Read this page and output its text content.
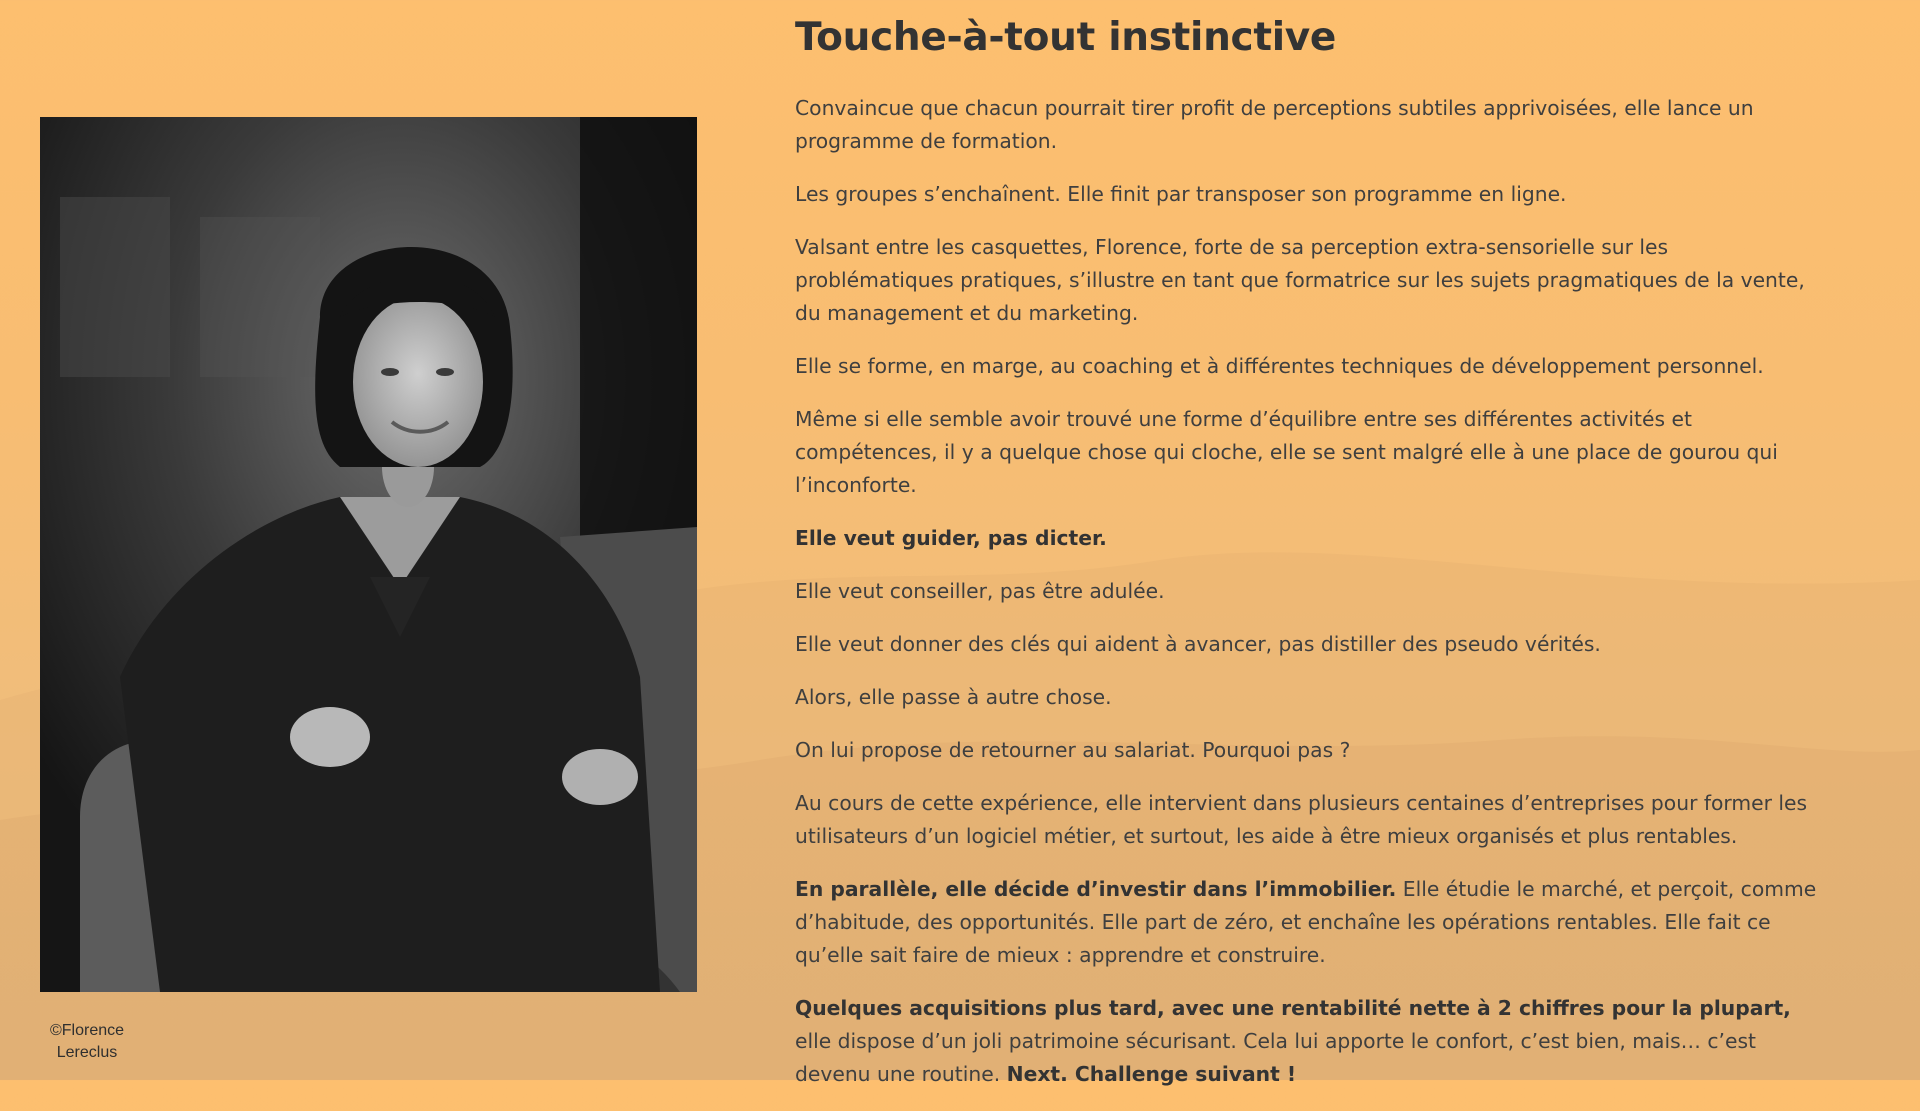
©Florence
Lereclus
Touche-à-tout instinctive

Convaincue que chacun pourrait tirer profit de perceptions subtiles apprivoisées, elle lance un programme de formation.

Les groupes s’enchaînent. Elle finit par transposer son programme en ligne.

Valsant entre les casquettes, Florence, forte de sa perception extra-sensorielle sur les problématiques pratiques, s’illustre en tant que formatrice sur les sujets pragmatiques de la vente, du management et du marketing.

Elle se forme, en marge, au coaching et à différentes techniques de développement personnel.

Même si elle semble avoir trouvé une forme d’équilibre entre ses différentes activités et compétences, il y a quelque chose qui cloche, elle se sent malgré elle à une place de gourou qui l’inconforte.

Elle veut guider, pas dicter.

Elle veut conseiller, pas être adulée.

Elle veut donner des clés qui aident à avancer, pas distiller des pseudo vérités.

Alors, elle passe à autre chose.

On lui propose de retourner au salariat. Pourquoi pas ?

Au cours de cette expérience, elle intervient dans plusieurs centaines d’entreprises pour former les utilisateurs d’un logiciel métier, et surtout, les aide à être mieux organisés et plus rentables.

En parallèle, elle décide d’investir dans l’immobilier. Elle étudie le marché, et perçoit, comme d’habitude, des opportunités. Elle part de zéro, et enchaîne les opérations rentables. Elle fait ce qu’elle sait faire de mieux : apprendre et construire.

Quelques acquisitions plus tard, avec une rentabilité nette à 2 chiffres pour la plupart, elle dispose d’un joli patrimoine sécurisant. Cela lui apporte le confort, c’est bien, mais… c’est devenu une routine. Next. Challenge suivant !
